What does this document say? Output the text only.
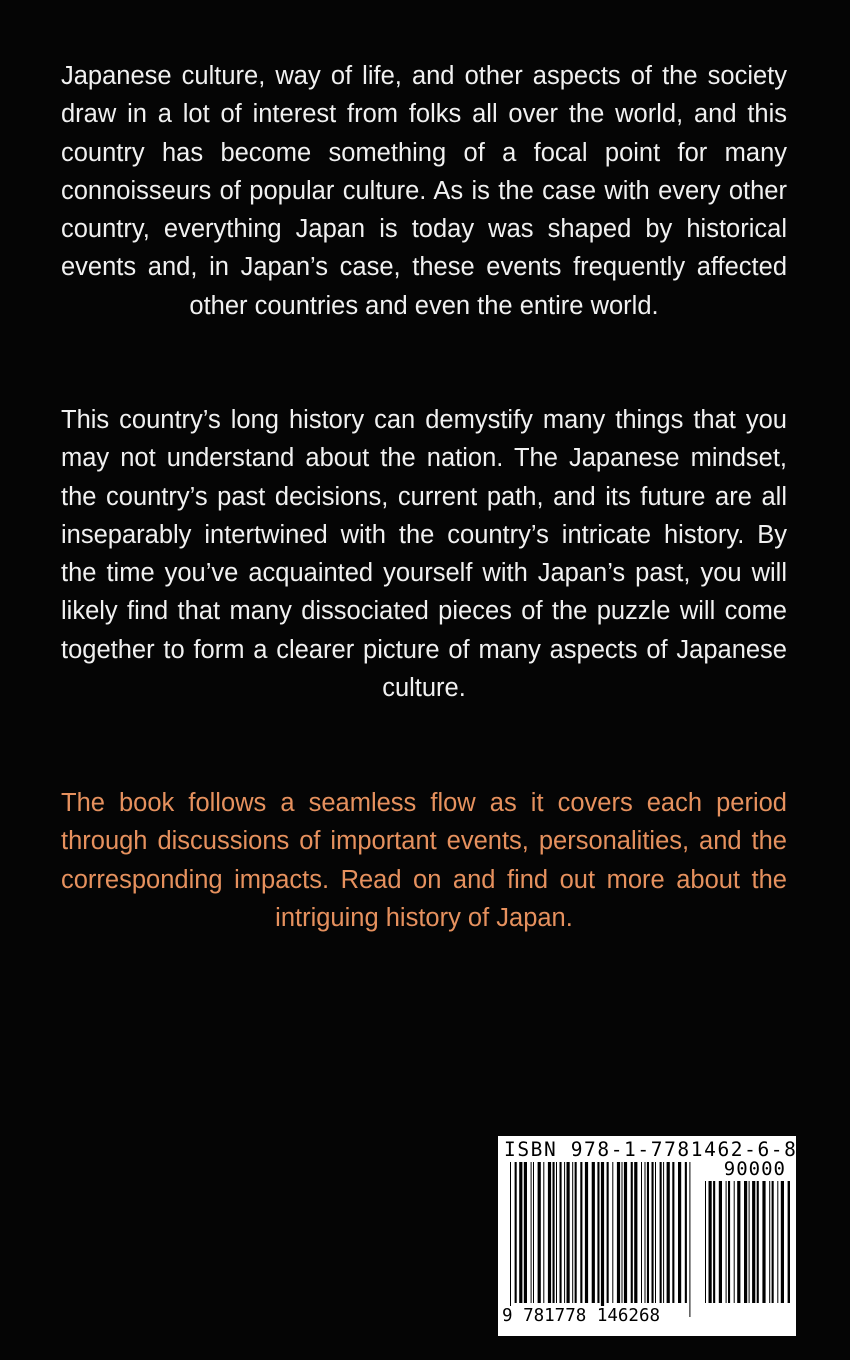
Japanese culture, way of life, and other aspects of the society draw in a lot of interest from folks all over the world, and this country has become something of a focal point for many connoisseurs of popular culture. As is the case with every other country, everything Japan is today was shaped by historical events and, in Japan’s case, these events frequently affected other countries and even the entire world.

This country’s long history can demystify many things that you may not understand about the nation. The Japanese mindset, the country’s past decisions, current path, and its future are all inseparably intertwined with the country’s intricate history. By the time you’ve acquainted yourself with Japan’s past, you will likely find that many dissociated pieces of the puzzle will come together to form a clearer picture of many aspects of Japanese culture.

The book follows a seamless flow as it covers each period through discussions of important events, personalities, and the corresponding impacts. Read on and find out more about the intriguing history of Japan.

ISBN 978-1-7781462-6-8
90000
9 781778 146268
